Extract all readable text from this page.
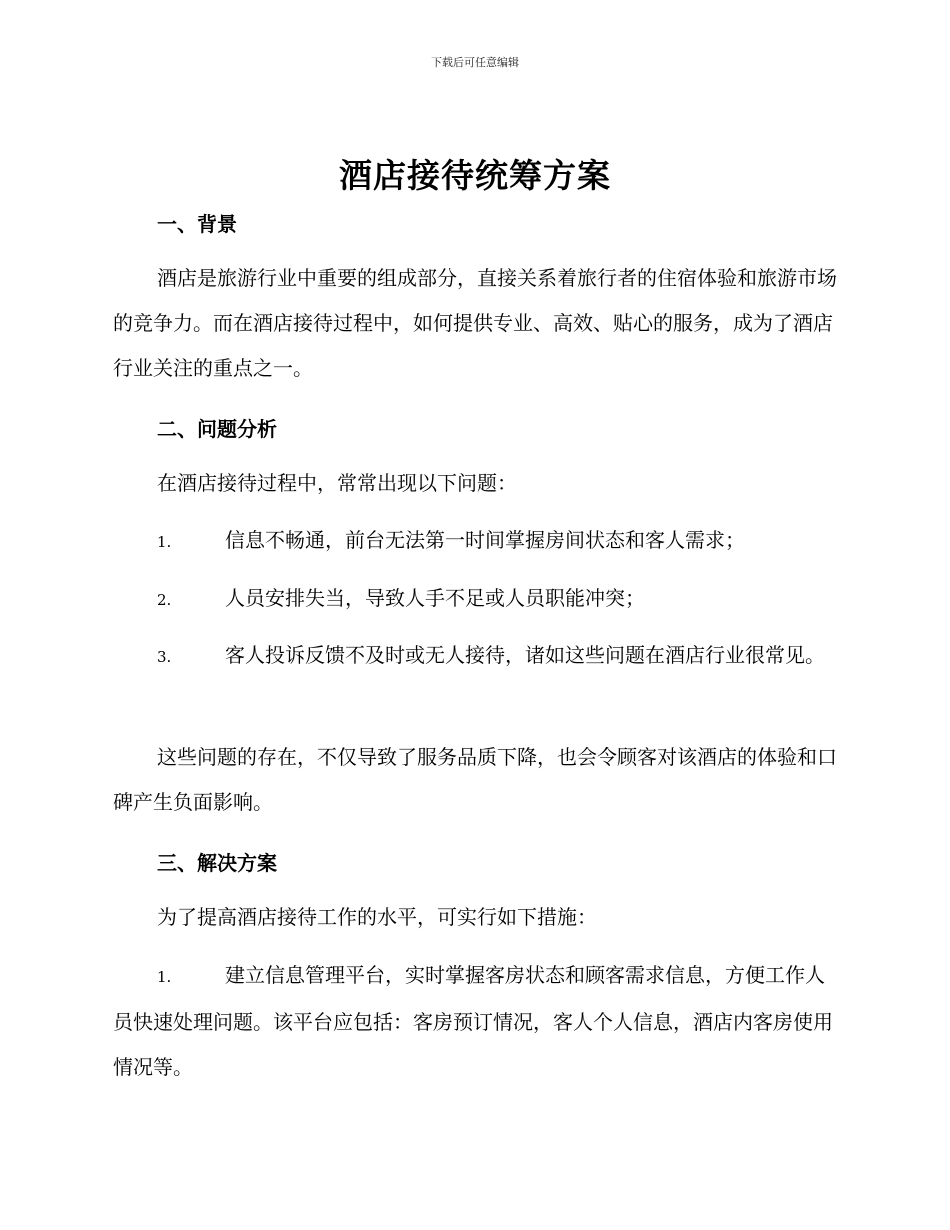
下载后可任意编辑
酒店接待统筹方案
一、背景
酒店是旅游行业中重要的组成部分，直接关系着旅行者的住宿体验和旅游市场的竞争力。而在酒店接待过程中，如何提供专业、高效、贴心的服务，成为了酒店行业关注的重点之一。
二、问题分析
在酒店接待过程中，常常出现以下问题：
1.	信息不畅通，前台无法第一时间掌握房间状态和客人需求；
2.	人员安排失当，导致人手不足或人员职能冲突；
3.	客人投诉反馈不及时或无人接待，诸如这些问题在酒店行业很常见。
这些问题的存在，不仅导致了服务品质下降，也会令顾客对该酒店的体验和口碑产生负面影响。
三、解决方案
为了提高酒店接待工作的水平，可实行如下措施：
1.	建立信息管理平台，实时掌握客房状态和顾客需求信息，方便工作人员快速处理问题。该平台应包括：客房预订情况，客人个人信息，酒店内客房使用情况等。
